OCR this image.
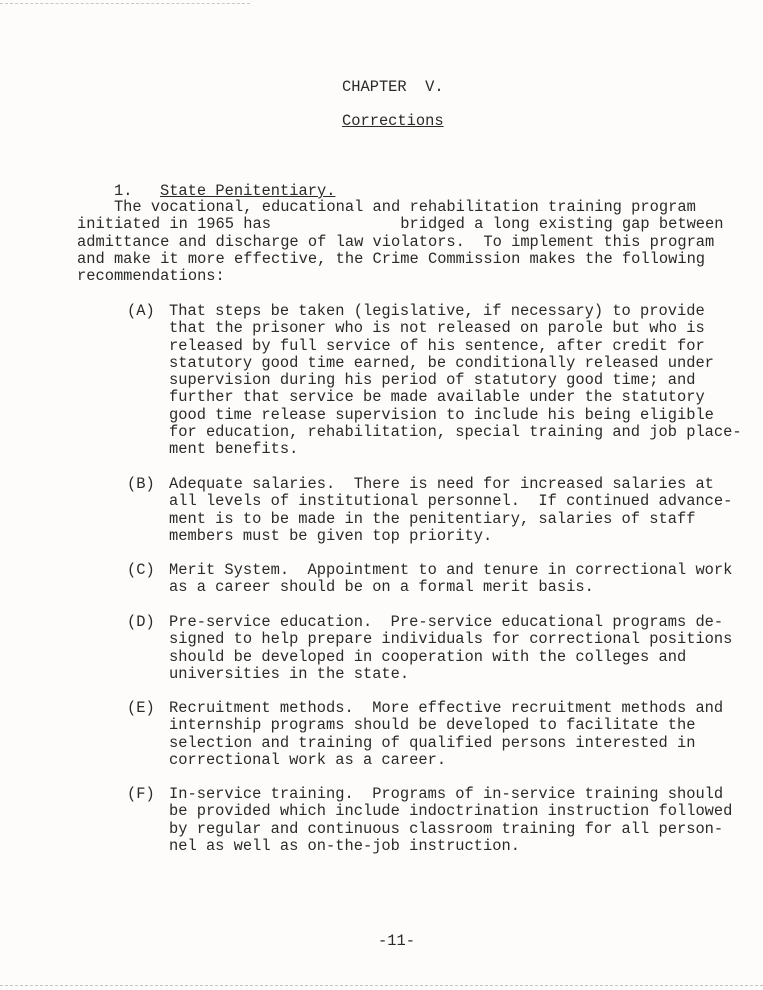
CHAPTER  V.
Corrections

1. State Penitentiary.

The vocational, educational and rehabilitation training program
initiated in 1965 has              bridged a long existing gap between
admittance and discharge of law violators.  To implement this program
and make it more effective, the Crime Commission makes the following
recommendations:
(A) That steps be taken (legislative, if necessary) to provide
that the prisoner who is not released on parole but who is
released by full service of his sentence, after credit for
statutory good time earned, be conditionally released under
supervision during his period of statutory good time; and
further that service be made available under the statutory
good time release supervision to include his being eligible
for education, rehabilitation, special training and job place-
ment benefits.
(B) Adequate salaries.  There is need for increased salaries at
all levels of institutional personnel.  If continued advance-
ment is to be made in the penitentiary, salaries of staff
members must be given top priority.
(C) Merit System.  Appointment to and tenure in correctional work
as a career should be on a formal merit basis.
(D) Pre-service education.  Pre-service educational programs de-
signed to help prepare individuals for correctional positions
should be developed in cooperation with the colleges and
universities in the state.
(E) Recruitment methods.  More effective recruitment methods and
internship programs should be developed to facilitate the
selection and training of qualified persons interested in
correctional work as a career.
(F) In-service training.  Programs of in-service training should
be provided which include indoctrination instruction followed
by regular and continuous classroom training for all person-
nel as well as on-the-job instruction.
-11-
